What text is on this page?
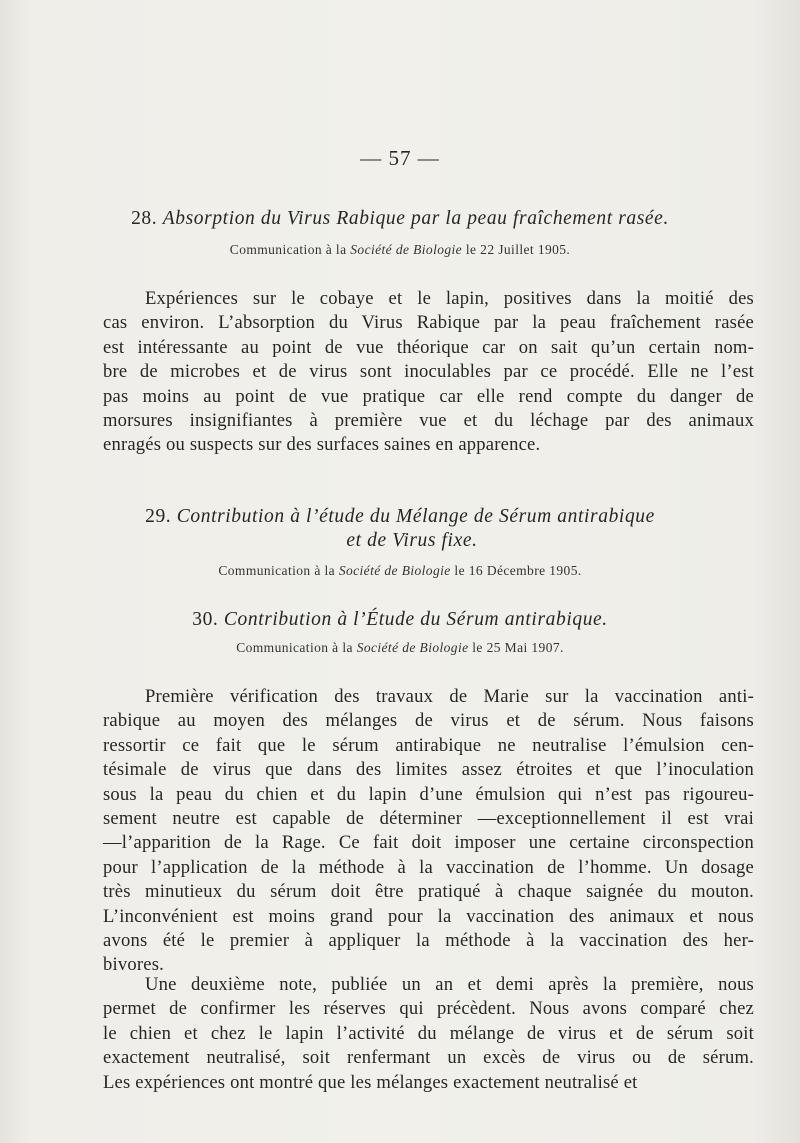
— 57 —
28. Absorption du Virus Rabique par la peau fraîchement rasée.
Communication à la Société de Biologie le 22 Juillet 1905.
Expériences sur le cobaye et le lapin, positives dans la moitié des
cas environ. L’absorption du Virus Rabique par la peau fraîchement rasée
est intéressante au point de vue théorique car on sait qu’un certain nom-
bre de microbes et de virus sont inoculables par ce procédé. Elle ne l’est
pas moins au point de vue pratique car elle rend compte du danger de
morsures insignifiantes à première vue et du léchage par des animaux
enragés ou suspects sur des surfaces saines en apparence.
29. Contribution à l’étude du Mélange de Sérum antirabique
et de Virus fixe.
Communication à la Société de Biologie le 16 Décembre 1905.
30. Contribution à l’Étude du Sérum antirabique.
Communication à la Société de Biologie le 25 Mai 1907.
Première vérification des travaux de Marie sur la vaccination anti-
rabique au moyen des mélanges de virus et de sérum. Nous faisons
ressortir ce fait que le sérum antirabique ne neutralise l’émulsion cen-
tésimale de virus que dans des limites assez étroites et que l’inoculation
sous la peau du chien et du lapin d’une émulsion qui n’est pas rigoureu-
sement neutre est capable de déterminer —exceptionnellement il est vrai
—l’apparition de la Rage. Ce fait doit imposer une certaine circonspection
pour l’application de la méthode à la vaccination de l’homme. Un dosage
très minutieux du sérum doit être pratiqué à chaque saignée du mouton.
L’inconvénient est moins grand pour la vaccination des animaux et nous
avons été le premier à appliquer la méthode à la vaccination des her-
bivores.
Une deuxième note, publiée un an et demi après la première, nous
permet de confirmer les réserves qui précèdent. Nous avons comparé chez
le chien et chez le lapin l’activité du mélange de virus et de sérum soit
exactement neutralisé, soit renfermant un excès de virus ou de sérum.
Les expériences ont montré que les mélanges exactement neutralisé et
